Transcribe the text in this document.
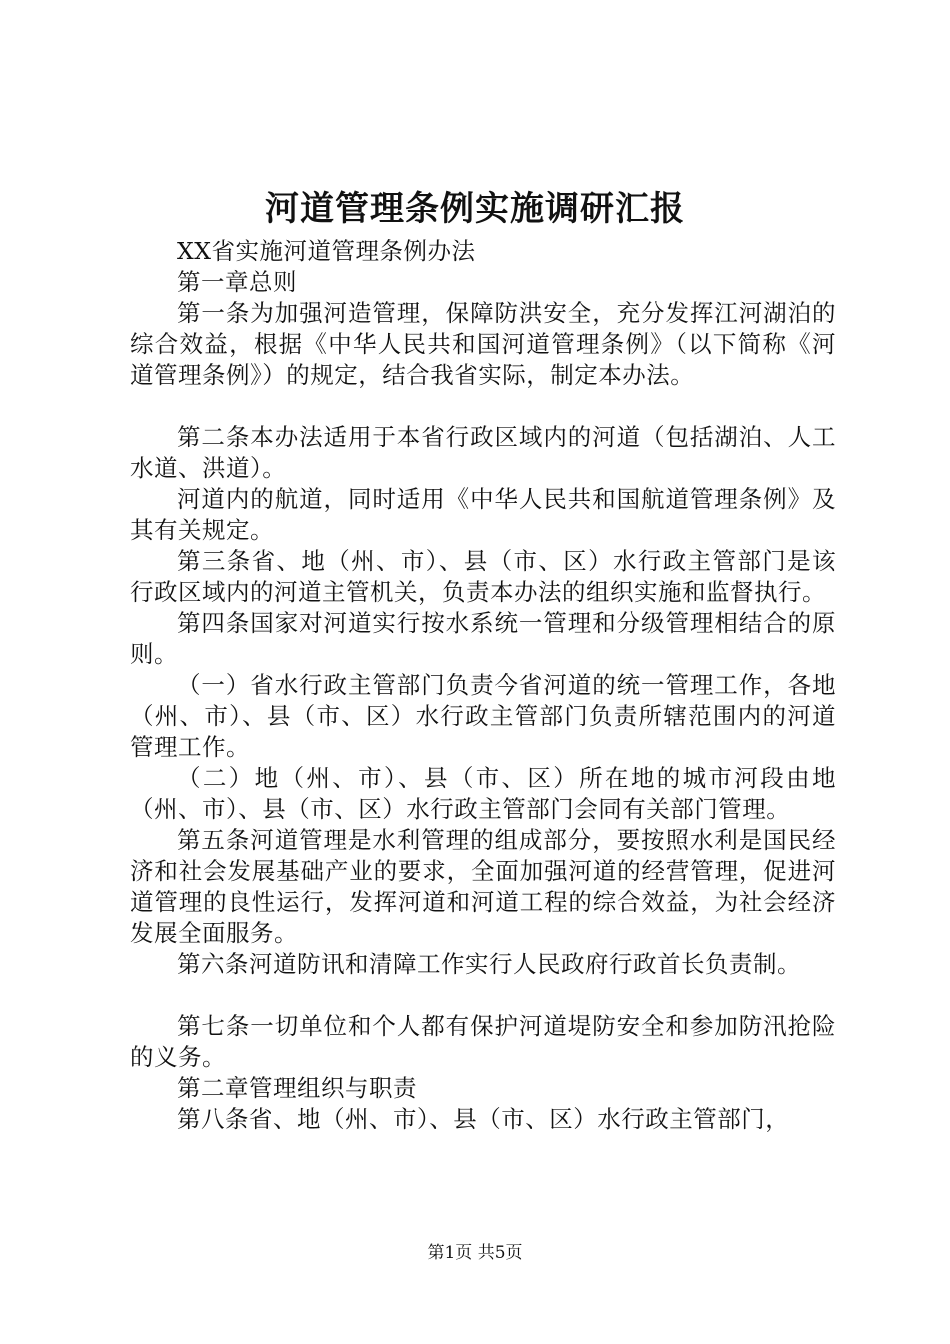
河道管理条例实施调研汇报

XX省实施河道管理条例办法

第一章总则

第一条为加强河造管理，保障防洪安全，充分发挥江河湖泊的综合效益，根据《中华人民共和国河道管理条例》（以下简称《河道管理条例》）的规定，结合我省实际，制定本办法。

第二条本办法适用于本省行政区域内的河道（包括湖泊、人工水道、洪道）。

河道内的航道，同时适用《中华人民共和国航道管理条例》及其有关规定。

第三条省、地（州、市）、县（市、区）水行政主管部门是该行政区域内的河道主管机关，负责本办法的组织实施和监督执行。

第四条国家对河道实行按水系统一管理和分级管理相结合的原则。

（一）省水行政主管部门负责今省河道的统一管理工作，各地（州、市）、县（市、区）水行政主管部门负责所辖范围内的河道管理工作。

（二）地（州、市）、县（市、区）所在地的城市河段由地（州、市）、县（市、区）水行政主管部门会同有关部门管理。

第五条河道管理是水利管理的组成部分，要按照水利是国民经济和社会发展基础产业的要求，全面加强河道的经营管理，促进河道管理的良性运行，发挥河道和河道工程的综合效益，为社会经济发展全面服务。

第六条河道防讯和清障工作实行人民政府行政首长负责制。

第七条一切单位和个人都有保护河道堤防安全和参加防汛抢险的义务。

第二章管理组织与职责

第八条省、地（州、市）、县（市、区）水行政主管部门，

第1页 共5页
